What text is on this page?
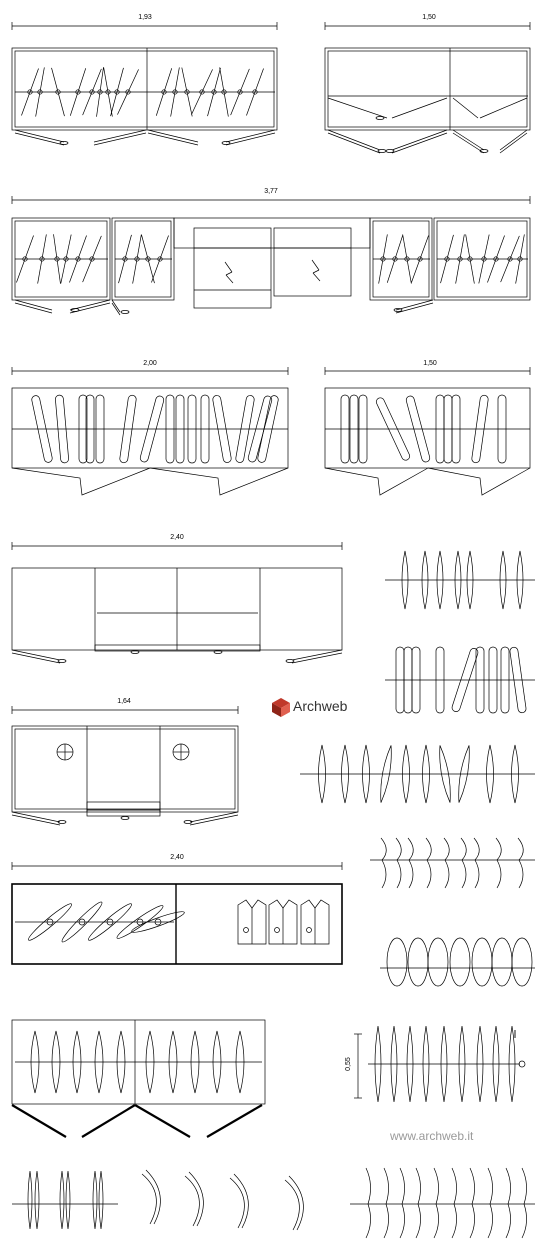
1,93	1,50
3,77
2,00	1,50
2,40
1,64
2,40
0,55
Archweb
www.archweb.it
